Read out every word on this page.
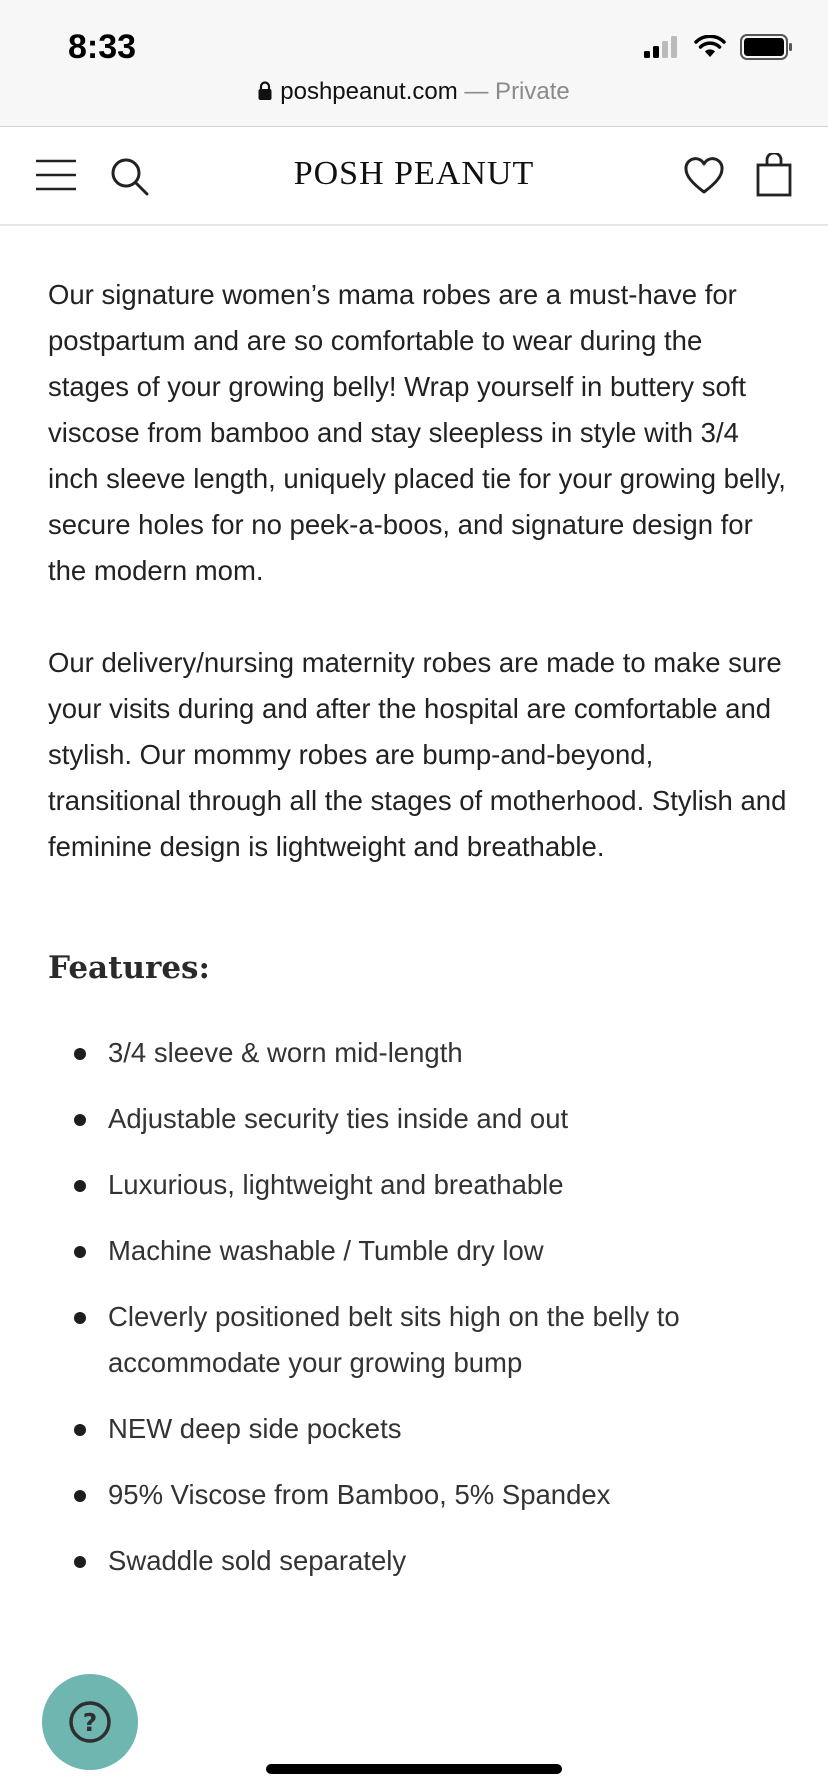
8:33
poshpeanut.com — Private
POSH PEANUT

Our signature women’s mama robes are a must-have for postpartum and are so comfortable to wear during the stages of your growing belly! Wrap yourself in buttery soft viscose from bamboo and stay sleepless in style with 3/4 inch sleeve length, uniquely placed tie for your growing belly, secure holes for no peek-a-boos, and signature design for the modern mom.

Our delivery/nursing maternity robes are made to make sure your visits during and after the hospital are comfortable and stylish. Our mommy robes are bump-and-beyond, transitional through all the stages of motherhood. Stylish and feminine design is lightweight and breathable.

Features:
3/4 sleeve & worn mid-length
Adjustable security ties inside and out
Luxurious, lightweight and breathable
Machine washable / Tumble dry low
Cleverly positioned belt sits high on the belly to accommodate your growing bump
NEW deep side pockets
95% Viscose from Bamboo, 5% Spandex
Swaddle sold separately
?
